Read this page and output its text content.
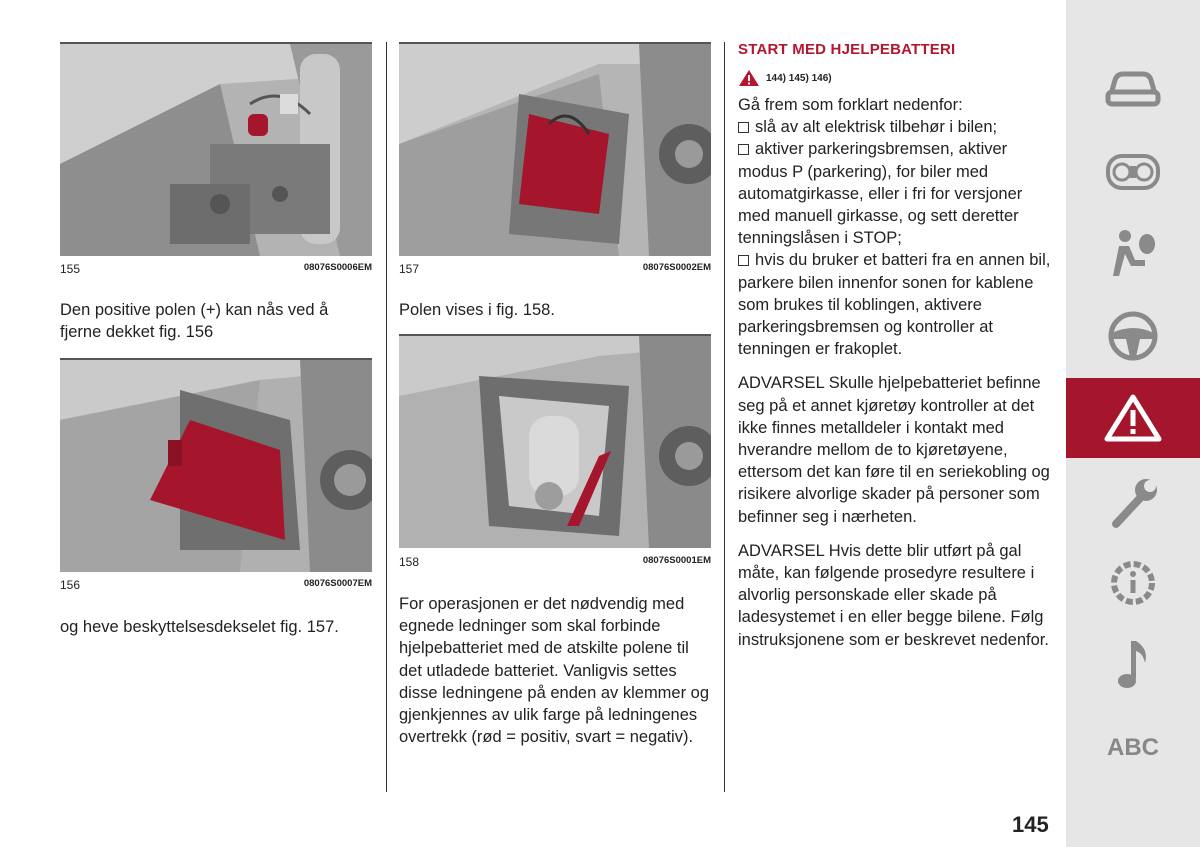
155	08076S0006EM
Den positive polen (+) kan nås ved å fjerne dekket fig. 156
156	08076S0007EM
og heve beskyttelsesdekselet fig. 157.
157	08076S0002EM
Polen vises i fig. 158.
158	08076S0001EM
For operasjonen er det nødvendig med egnede ledninger som skal forbinde hjelpebatteriet med de atskilte polene til det utladede batteriet. Vanligvis settes disse ledningene på enden av klemmer og gjenkjennes av ulik farge på ledningenes overtrekk (rød = positiv, svart = negativ).
START MED HJELPEBATTERI
144) 145) 146)

Gå frem som forklart nedenfor:

slå av alt elektrisk tilbehør i bilen;

aktiver parkeringsbremsen, aktiver modus P (parkering), for biler med automatgirkasse, eller i fri for versjoner med manuell girkasse, og sett deretter tenningslåsen i STOP;

hvis du bruker et batteri fra en annen bil, parkere bilen innenfor sonen for kablene som brukes til koblingen, aktivere parkeringsbremsen og kontroller at tenningen er frakoplet.

ADVARSEL Skulle hjelpebatteriet befinne seg på et annet kjøretøy kontroller at det ikke finnes metalldeler i kontakt med hverandre mellom de to kjøretøyene, ettersom det kan føre til en seriekobling og risikere alvorlige skader på personer som befinner seg i nærheten.

ADVARSEL Hvis dette blir utført på gal måte, kan følgende prosedyre resultere i alvorlig personskade eller skade på ladesystemet i en eller begge bilene. Følg instruksjonene som er beskrevet nedenfor.

ABC
145
